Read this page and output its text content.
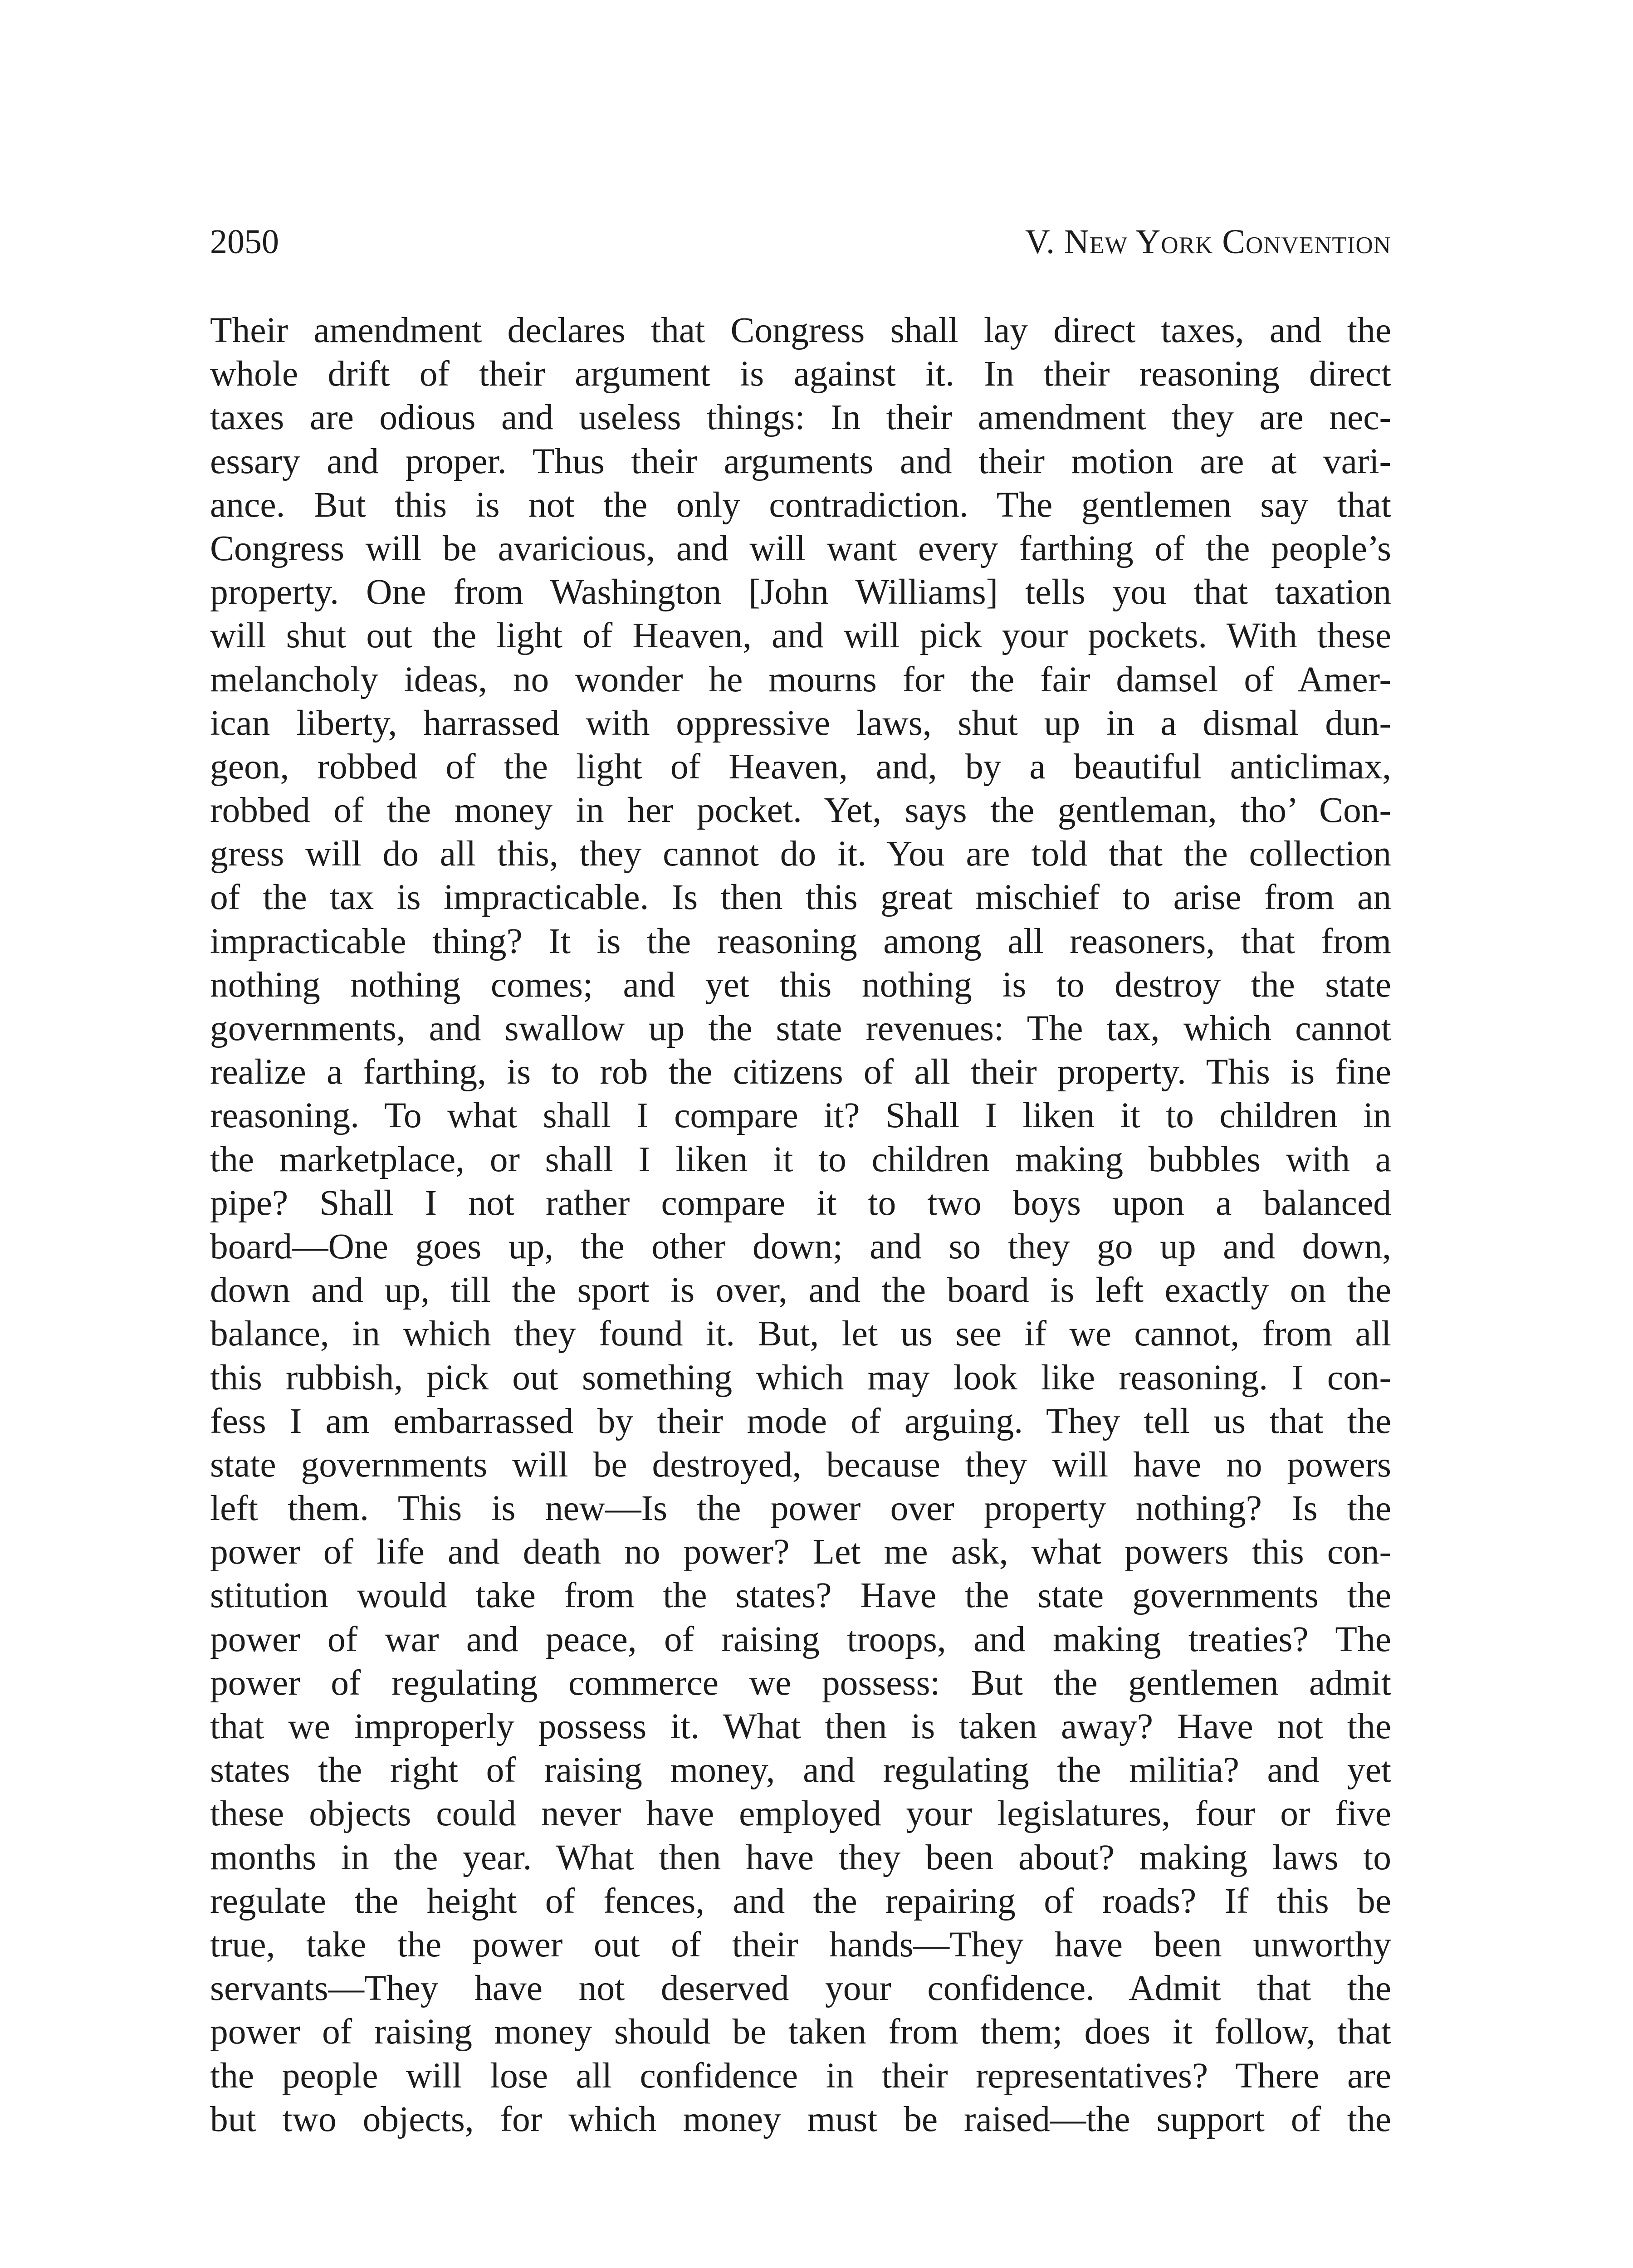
2050	V. New York Convention
Their amendment declares that Congress shall lay direct taxes, and the
whole drift of their argument is against it. In their reasoning direct
taxes are odious and useless things: In their amendment they are nec-
essary and proper. Thus their arguments and their motion are at vari-
ance. But this is not the only contradiction. The gentlemen say that
Congress will be avaricious, and will want every farthing of the people’s
property. One from Washington [John Williams] tells you that taxation
will shut out the light of Heaven, and will pick your pockets. With these
melancholy ideas, no wonder he mourns for the fair damsel of Amer-
ican liberty, harrassed with oppressive laws, shut up in a dismal dun-
geon, robbed of the light of Heaven, and, by a beautiful anticlimax,
robbed of the money in her pocket. Yet, says the gentleman, tho’ Con-
gress will do all this, they cannot do it. You are told that the collection
of the tax is impracticable. Is then this great mischief to arise from an
impracticable thing? It is the reasoning among all reasoners, that from
nothing nothing comes; and yet this nothing is to destroy the state
governments, and swallow up the state revenues: The tax, which cannot
realize a farthing, is to rob the citizens of all their property. This is fine
reasoning. To what shall I compare it? Shall I liken it to children in
the marketplace, or shall I liken it to children making bubbles with a
pipe? Shall I not rather compare it to two boys upon a balanced
board—One goes up, the other down; and so they go up and down,
down and up, till the sport is over, and the board is left exactly on the
balance, in which they found it. But, let us see if we cannot, from all
this rubbish, pick out something which may look like reasoning. I con-
fess I am embarrassed by their mode of arguing. They tell us that the
state governments will be destroyed, because they will have no powers
left them. This is new—Is the power over property nothing? Is the
power of life and death no power? Let me ask, what powers this con-
stitution would take from the states? Have the state governments the
power of war and peace, of raising troops, and making treaties? The
power of regulating commerce we possess: But the gentlemen admit
that we improperly possess it. What then is taken away? Have not the
states the right of raising money, and regulating the militia? and yet
these objects could never have employed your legislatures, four or five
months in the year. What then have they been about? making laws to
regulate the height of fences, and the repairing of roads? If this be
true, take the power out of their hands—They have been unworthy
servants—They have not deserved your confidence. Admit that the
power of raising money should be taken from them; does it follow, that
the people will lose all confidence in their representatives? There are
but two objects, for which money must be raised—the support of the
